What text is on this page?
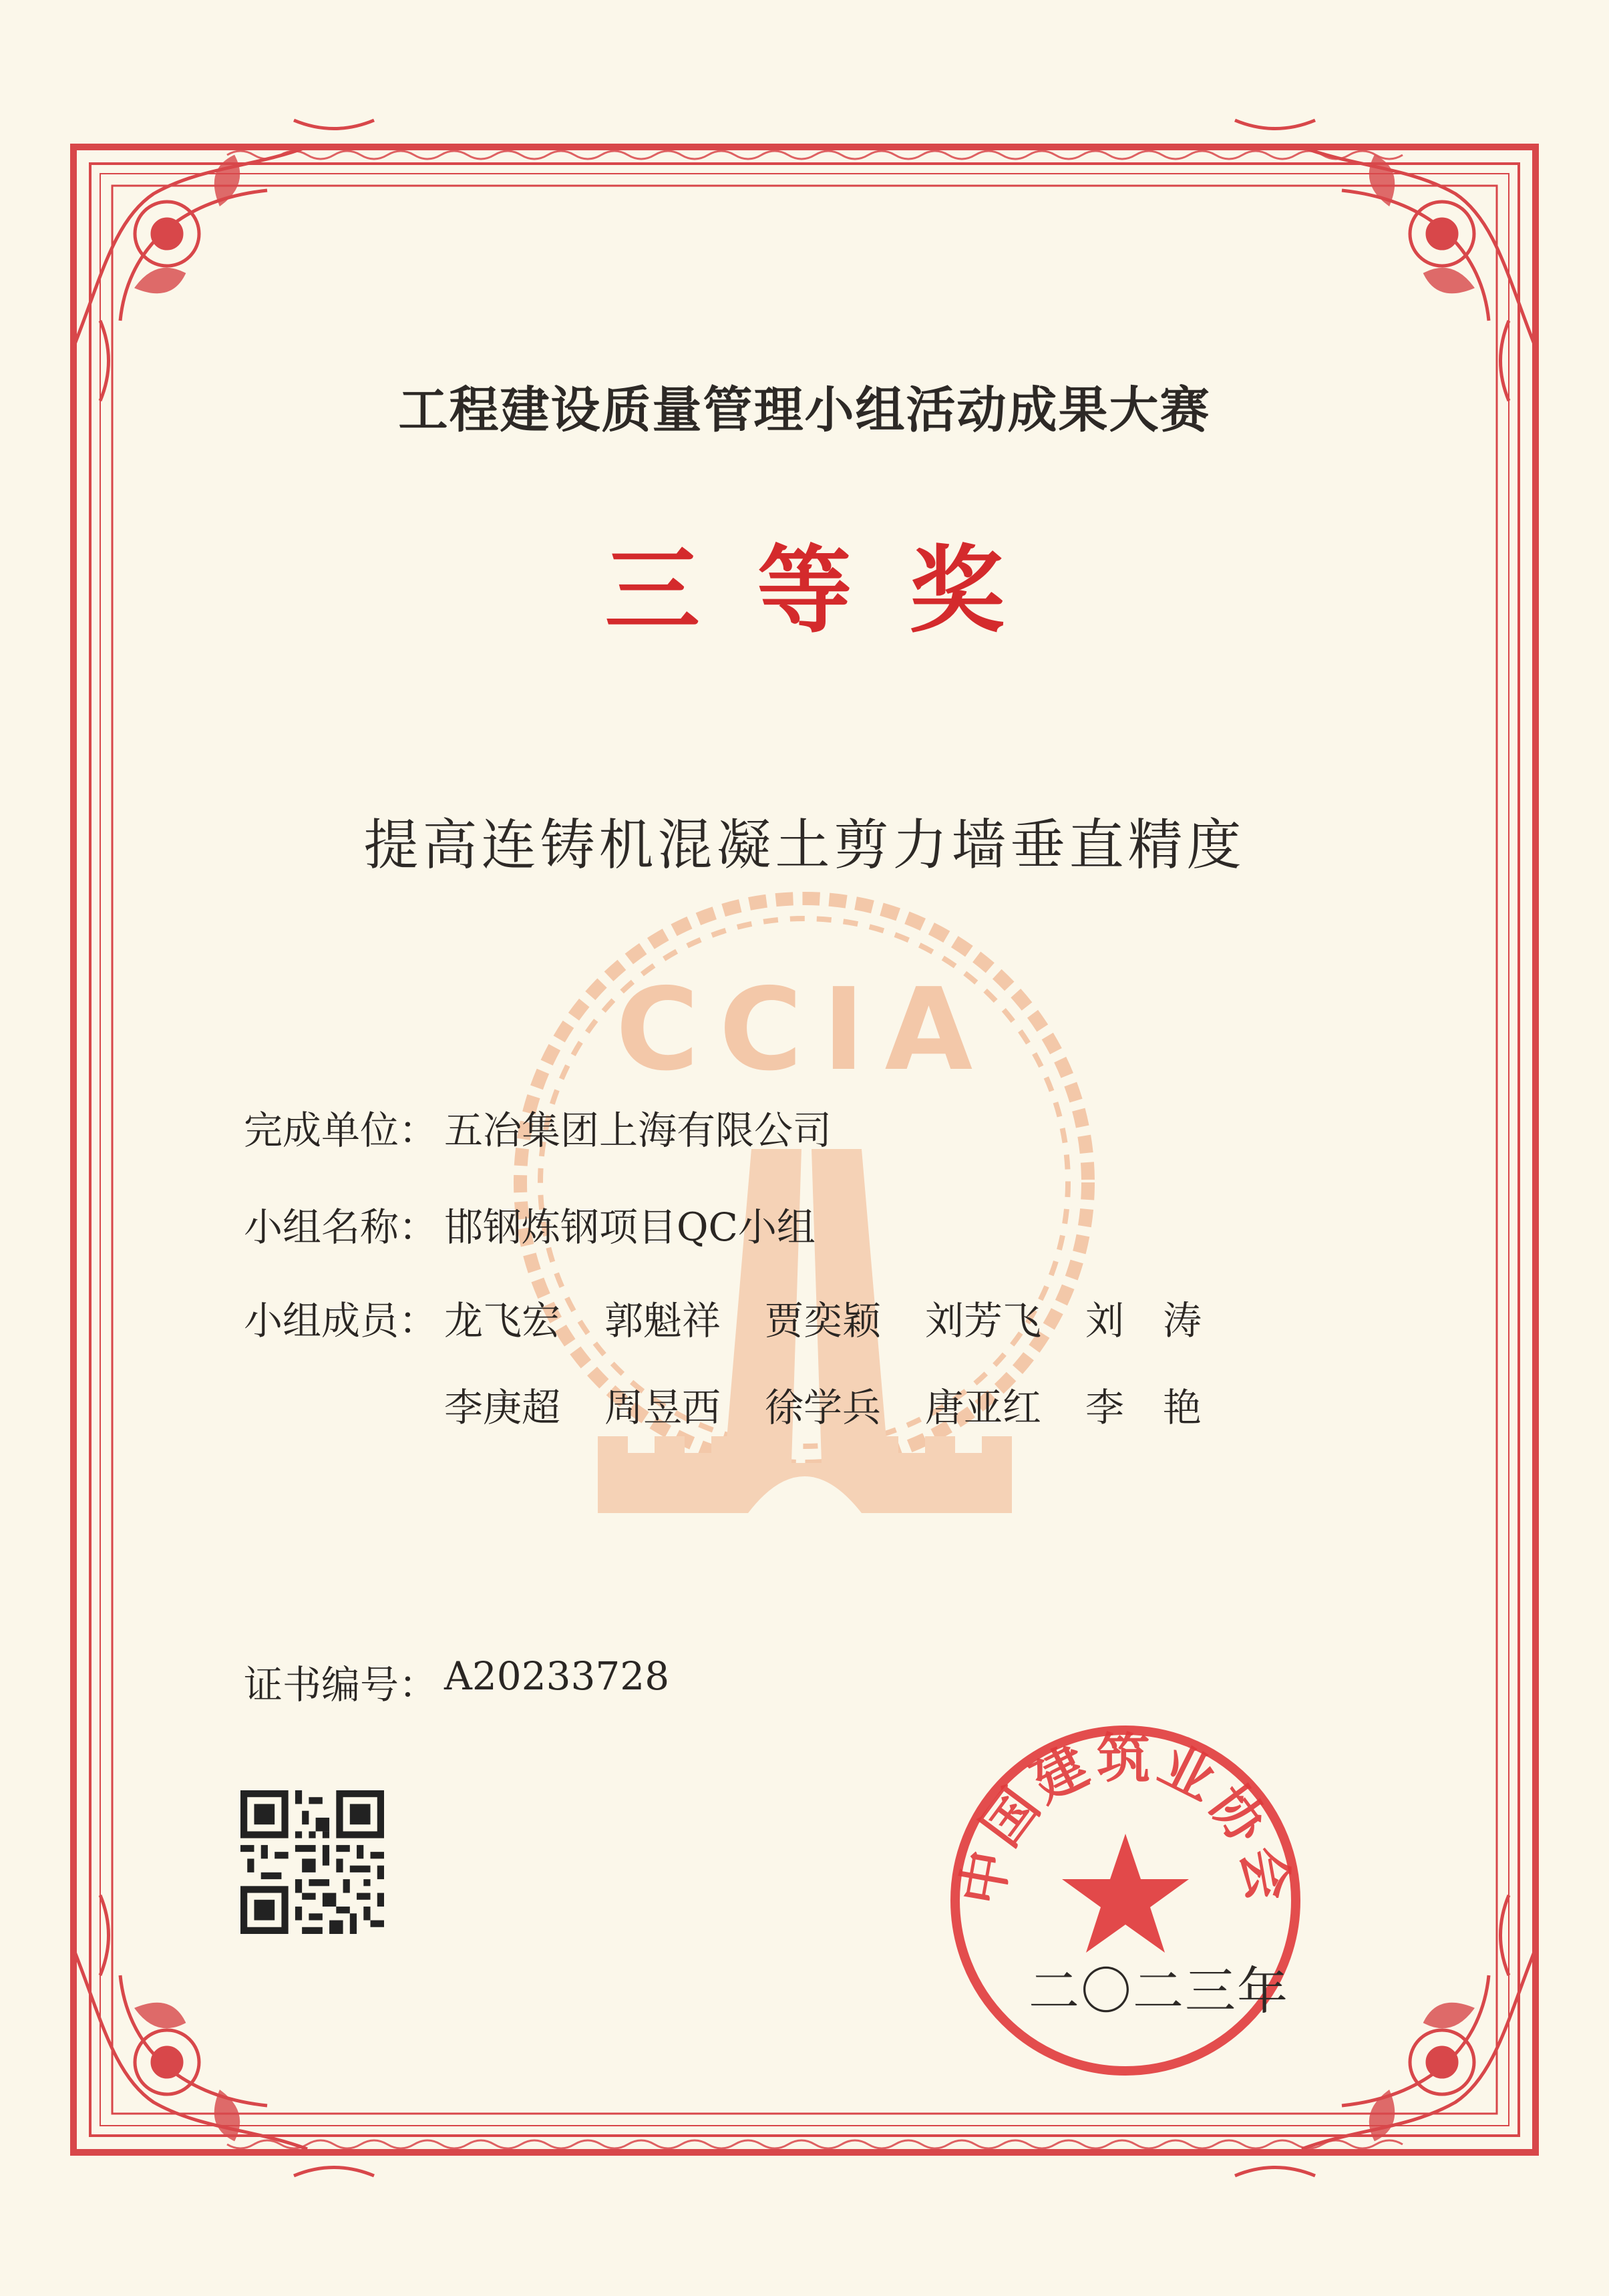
CCIA
工程建设质量管理小组活动成果大赛
三等奖
提高连铸机混凝土剪力墙垂直精度
完成单位： 五冶集团上海有限公司
小组名称： 邯钢炼钢项目QC小组
小组成员： 龙飞宏 郭魁祥 贾奕颖 刘芳飞 刘　涛
李庚超 周昱西 徐学兵 唐亚红 李　艳
证书编号： A20233728
中国建筑业协会
二〇二三年
